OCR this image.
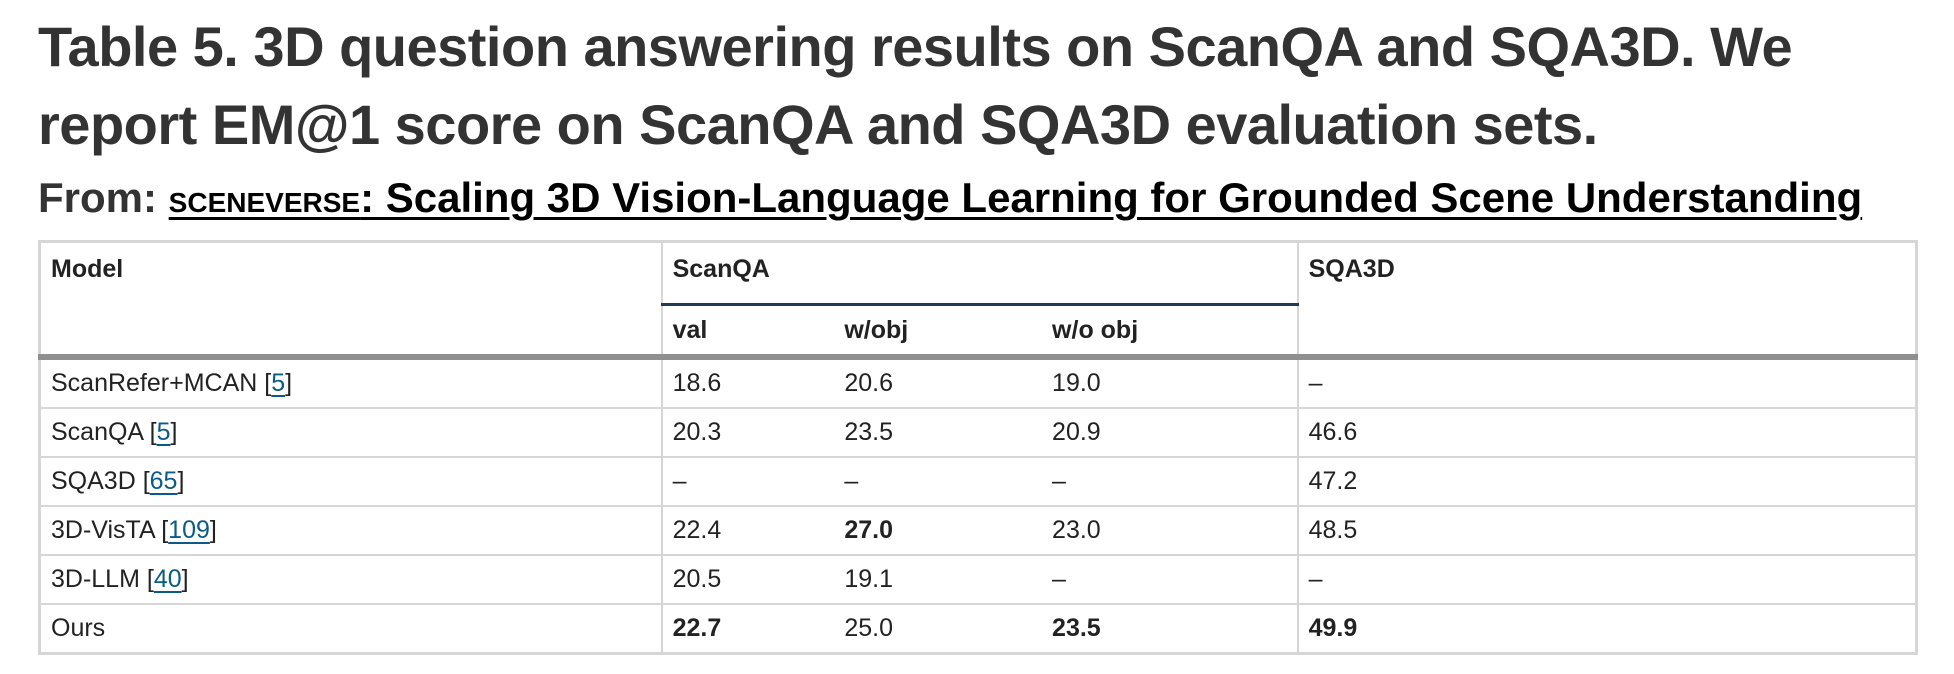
Table 5. 3D question answering results on ScanQA and SQA3D. We report EM@1 score on ScanQA and SQA3D evaluation sets.
From: sceneverse: Scaling 3D Vision-Language Learning for Grounded Scene Understanding
Model	ScanQA			SQA3D
	val	w/obj	w/o obj	
ScanRefer+MCAN [5]	18.6	20.6	19.0	–
ScanQA [5]	20.3	23.5	20.9	46.6
SQA3D [65]	–	–	–	47.2
3D-VisTA [109]	22.4	27.0	23.0	48.5
3D-LLM [40]	20.5	19.1	–	–
Ours	22.7	25.0	23.5	49.9
